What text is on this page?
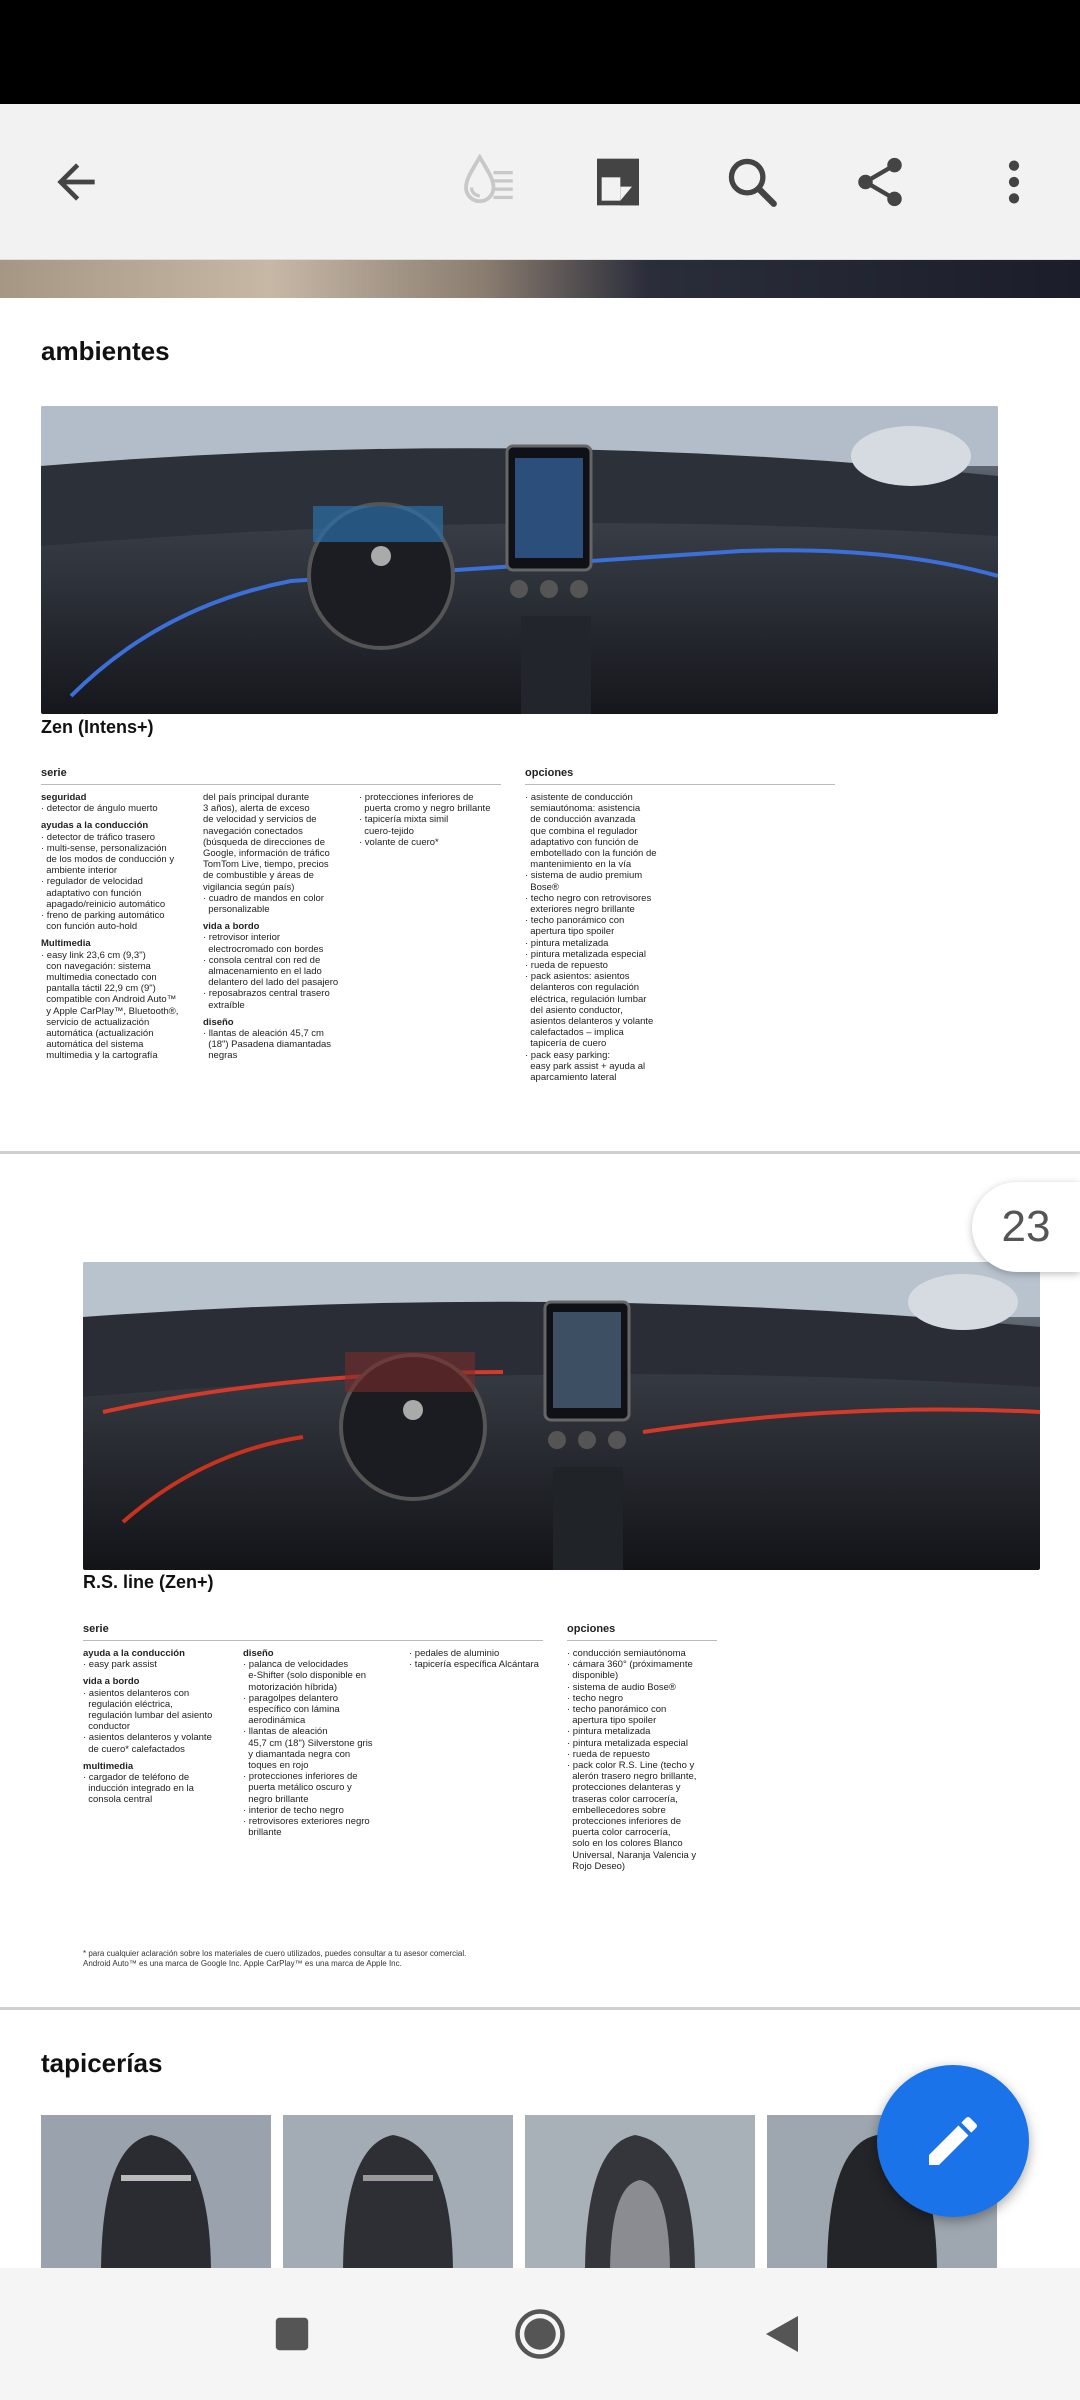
ambientes
Zen (Intens+)
serie	opciones
seguridad
· detector de ángulo muerto
ayudas a la conducción
· detector de tráfico trasero
· multi-sense, personalización
de los modos de conducción y
ambiente interior
· regulador de velocidad
adaptativo con función
apagado/reinicio automático
· freno de parking automático
con función auto-hold
Multimedia
· easy link 23,6 cm (9,3")
con navegación: sistema
multimedia conectado con
pantalla táctil 22,9 cm (9")
compatible con Android Auto™
y Apple CarPlay™, Bluetooth®,
servicio de actualización
automática (actualización
automática del sistema
multimedia y la cartografía
del país principal durante
3 años), alerta de exceso
de velocidad y servicios de
navegación conectados
(búsqueda de direcciones de
Google, información de tráfico
TomTom Live, tiempo, precios
de combustible y áreas de
vigilancia según país)
· cuadro de mandos en color
personalizable
vida a bordo
· retrovisor interior
electrocromado con bordes
· consola central con red de
almacenamiento en el lado
delantero del lado del pasajero
· reposabrazos central trasero
extraíble
diseño
· llantas de aleación 45,7 cm
(18") Pasadena diamantadas
negras
· protecciones inferiores de
puerta cromo y negro brillante
· tapicería mixta simil
cuero-tejido
· volante de cuero*
· asistente de conducción
semiautónoma: asistencia
de conducción avanzada
que combina el regulador
adaptativo con función de
embotellado con la función de
mantenimiento en la vía
· sistema de audio premium
Bose®
· techo negro con retrovisores
exteriores negro brillante
· techo panorámico con
apertura tipo spoiler
· pintura metalizada
· pintura metalizada especial
· rueda de repuesto
· pack asientos: asientos
delanteros con regulación
eléctrica, regulación lumbar
del asiento conductor,
asientos delanteros y volante
calefactados – implica
tapicería de cuero
· pack easy parking:
easy park assist + ayuda al
aparcamiento lateral
R.S. line (Zen+)
serie	opciones
ayuda a la conducción
· easy park assist
vida a bordo
· asientos delanteros con
regulación eléctrica,
regulación lumbar del asiento
conductor
· asientos delanteros y volante
de cuero* calefactados
multimedia
· cargador de teléfono de
inducción integrado en la
consola central
diseño
· palanca de velocidades
e-Shifter (solo disponible en
motorización híbrida)
· paragolpes delantero
específico con lámina
aerodinámica
· llantas de aleación
45,7 cm (18") Silverstone gris
y diamantada negra con
toques en rojo
· protecciones inferiores de
puerta metálico oscuro y
negro brillante
· interior de techo negro
· retrovisores exteriores negro
brillante
· pedales de aluminio
· tapicería específica Alcántara
· conducción semiautónoma
· cámara 360° (próximamente
disponible)
· sistema de audio Bose®
· techo negro
· techo panorámico con
apertura tipo spoiler
· pintura metalizada
· pintura metalizada especial
· rueda de repuesto
· pack color R.S. Line (techo y
alerón trasero negro brillante,
protecciones delanteras y
traseras color carrocería,
embellecedores sobre
protecciones inferiores de
puerta color carrocería,
solo en los colores Blanco
Universal, Naranja Valencia y
Rojo Deseo)
* para cualquier aclaración sobre los materiales de cuero utilizados, puedes consultar a tu asesor comercial.
Android Auto™ es una marca de Google Inc. Apple CarPlay™ es una marca de Apple Inc.
tapicerías
23
